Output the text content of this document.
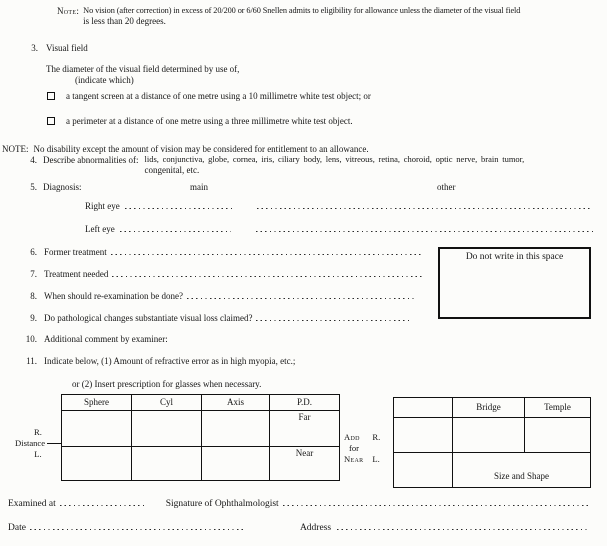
Note: No vision (after correction) in excess of 20/200 or 6/60 Snellen admits to eligibility for allowance unless the diameter of the visual field
is less than 20 degrees.
3. Visual field
The diameter of the visual field determined by use of,
(indicate which)
a tangent screen at a distance of one metre using a 10 millimetre white test object; or
a perimeter at a distance of one metre using a three millimetre white test object.
NOTE: No disability except the amount of vision may be considered for entitlement to an allowance.
4. Describe abnormalities of: lids, conjunctiva, globe, cornea, iris, ciliary body, lens, vitreous, retina, choroid, optic nerve, brain tumor,
congenital, etc.
5. Diagnosis:	main	other
Right eye
Left eye
6. Former treatment
7. Treatment needed
8. When should re-examination be done?
9. Do pathological changes substantiate visual loss claimed?
Do not write in this space
10. Additional comment by examiner:
11. Indicate below, (1) Amount of refractive error as in high myopia, etc.;
or (2) Insert prescription for glasses when necessary.
Sphere	Cyl	Axis	P.D.
			Far
			Near
R.
Distance
L.
Add
for
Near
R.
L.
	Bridge	Temple

	Size and Shape	
Examined at	Signature of Ophthalmologist
Date	Address
